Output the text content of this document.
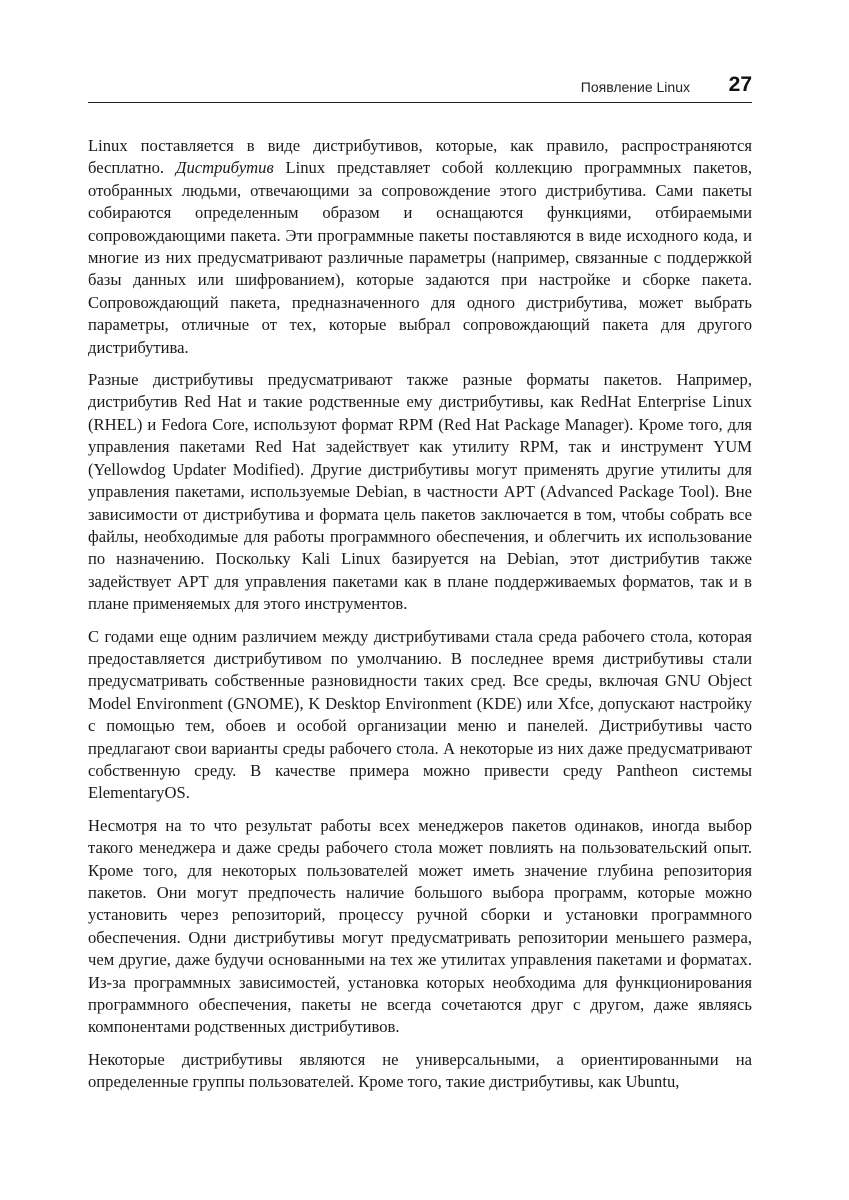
Появление Linux 27

Linux поставляется в виде дистрибутивов, которые, как правило, распространяются бесплатно. Дистрибутив Linux представляет собой коллекцию программных пакетов, отобранных людьми, отвечающими за сопровождение этого дистрибутива. Сами пакеты собираются определенным образом и оснащаются функциями, отбираемыми сопровождающими пакета. Эти программные пакеты поставляются в виде исходного кода, и многие из них предусматривают различные параметры (например, связанные с поддержкой базы данных или шифрованием), которые задаются при настройке и сборке пакета. Сопровождающий пакета, предназначенного для одного дистрибутива, может выбрать параметры, отличные от тех, которые выбрал сопровождающий пакета для другого дистрибутива.

Разные дистрибутивы предусматривают также разные форматы пакетов. Например, дистрибутив Red Hat и такие родственные ему дистрибутивы, как RedHat Enterprise Linux (RHEL) и Fedora Core, используют формат RPM (Red Hat Package Manager). Кроме того, для управления пакетами Red Hat задействует как утилиту RPM, так и инструмент YUM (Yellowdog Updater Modified). Другие дистрибутивы могут применять другие утилиты для управления пакетами, используемые Debian, в частности APT (Advanced Package Tool). Вне зависимости от дистрибутива и формата цель пакетов заключается в том, чтобы собрать все файлы, необходимые для работы программного обеспечения, и облегчить их использование по назначению. Поскольку Kali Linux базируется на Debian, этот дистрибутив также задействует APT для управления пакетами как в плане поддерживаемых форматов, так и в плане применяемых для этого инструментов.

С годами еще одним различием между дистрибутивами стала среда рабочего стола, которая предоставляется дистрибутивом по умолчанию. В последнее время дистрибутивы стали предусматривать собственные разновидности таких сред. Все среды, включая GNU Object Model Environment (GNOME), K Desktop Environment (KDE) или Xfce, допускают настройку с помощью тем, обоев и особой организации меню и панелей. Дистрибутивы часто предлагают свои варианты среды рабочего стола. А некоторые из них даже предусматривают собственную среду. В качестве примера можно привести среду Pantheon системы ElementaryOS.

Несмотря на то что результат работы всех менеджеров пакетов одинаков, иногда выбор такого менеджера и даже среды рабочего стола может повлиять на пользовательский опыт. Кроме того, для некоторых пользователей может иметь значение глубина репозитория пакетов. Они могут предпочесть наличие большого выбора программ, которые можно установить через репозиторий, процессу ручной сборки и установки программного обеспечения. Одни дистрибутивы могут предусматривать репозитории меньшего размера, чем другие, даже будучи основанными на тех же утилитах управления пакетами и форматах. Из-за программных зависимостей, установка которых необходима для функционирования программного обеспечения, пакеты не всегда сочетаются друг с другом, даже являясь компонентами родственных дистрибутивов.

Некоторые дистрибутивы являются не универсальными, а ориентированными на определенные группы пользователей. Кроме того, такие дистрибутивы, как Ubuntu,
